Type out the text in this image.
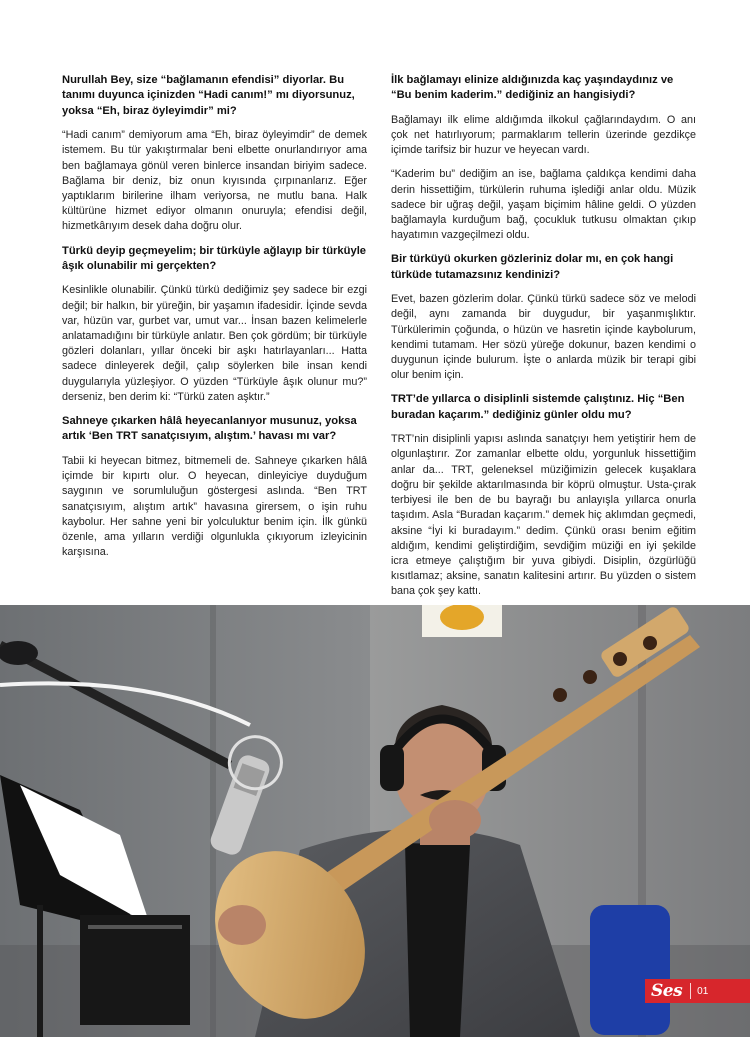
Nurullah Bey, size “bağlamanın efendisi” diyorlar. Bu tanımı duyunca içinizden “Hadi canım!” mı diyorsunuz, yoksa “Eh, biraz öyleyimdir” mi?
“Hadi canım” demiyorum ama “Eh, biraz öyleyimdir” de demek istemem. Bu tür yakıştırmalar beni elbette onurlandırıyor ama ben bağlamaya gönül veren binlerce insandan biriyim sadece. Bağlama bir deniz, biz onun kıyısında çırpınanlarız. Eğer yaptıklarım birilerine ilham veriyorsa, ne mutlu bana. Halk kültürüne hizmet ediyor olmanın onuruyla; efendisi değil, hizmetkârıyım desek daha doğru olur.
Türkü deyip geçmeyelim; bir türküyle ağlayıp bir türküyle âşık olunabilir mi gerçekten?
Kesinlikle olunabilir. Çünkü türkü dediğimiz şey sadece bir ezgi değil; bir halkın, bir yüreğin, bir yaşamın ifadesidir. İçinde sevda var, hüzün var, gurbet var, umut var... İnsan bazen kelimelerle anlatamadığını bir türküyle anlatır. Ben çok gördüm; bir türküyle gözleri dolanları, yıllar önceki bir aşkı hatırlayanları... Hatta sadece dinleyerek değil, çalıp söylerken bile insan kendi duygularıyla yüzleşiyor. O yüzden “Türküyle âşık olunur mu?” derseniz, ben derim ki: “Türkü zaten aşktır.”
Sahneye çıkarken hâlâ heyecanlanıyor musunuz, yoksa artık ‘Ben TRT sanatçısıyım, alıştım.’ havası mı var?
Tabii ki heyecan bitmez, bitmemeli de. Sahneye çıkarken hâlâ içimde bir kıpırtı olur. O heyecan, dinleyiciye duyduğum saygının ve sorumluluğun göstergesi aslında. “Ben TRT sanatçısıyım, alıştım artık” havasına girersem, o işin ruhu kaybolur. Her sahne yeni bir yolculuktur benim için. İlk günkü özenle, ama yılların verdiği olgunlukla çıkıyorum izleyicinin karşısına.
İlk bağlamayı elinize aldığınızda kaç yaşındaydınız ve “Bu benim kaderim.” dediğiniz an hangisiydi?
Bağlamayı ilk elime aldığımda ilkokul çağlarındaydım. O anı çok net hatırlıyorum; parmaklarım tellerin üzerinde gezdikçe içimde tarifsiz bir huzur ve heyecan vardı.
“Kaderim bu” dediğim an ise, bağlama çaldıkça kendimi daha derin hissettiğim, türkülerin ruhuma işlediği anlar oldu. Müzik sadece bir uğraş değil, yaşam biçimim hâline geldi. O yüzden bağlamayla kurduğum bağ, çocukluk tutkusu olmaktan çıkıp hayatımın vazgeçilmezi oldu.
Bir türküyü okurken gözleriniz dolar mı, en çok hangi türküde tutamazsınız kendinizi?
Evet, bazen gözlerim dolar. Çünkü türkü sadece söz ve melodi değil, aynı zamanda bir duygudur, bir yaşanmışlıktır. Türkülerimin çoğunda, o hüzün ve hasretin içinde kaybolurum, kendimi tutamam. Her sözü yüreğe dokunur, bazen kendimi o duygunun içinde bulurum. İşte o anlarda müzik bir terapi gibi olur benim için.
TRT’de yıllarca o disiplinli sistemde çalıştınız. Hiç “Ben buradan kaçarım.” dediğiniz günler oldu mu?
TRT’nin disiplinli yapısı aslında sanatçıyı hem yetiştirir hem de olgunlaştırır. Zor zamanlar elbette oldu, yorgunluk hissettiğim anlar da... TRT, geleneksel müziğimizin gelecek kuşaklara doğru bir şekilde aktarılmasında bir köprü olmuştur. Usta-çırak terbiyesi ile ben de bu bayrağı bu anlayışla yıllarca onurla taşıdım. Asla “Buradan kaçarım.” demek hiç aklımdan geçmedi, aksine “İyi ki buradayım.” dedim. Çünkü orası benim eğitim aldığım, kendimi geliştirdiğim, sevdiğim müziği en iyi şekilde icra etmeye çalıştığım bir yuva gibiydi. Disiplin, özgürlüğü kısıtlamaz; aksine, sanatın kalitesini artırır. Bu yüzden o sistem bana çok şey kattı.
Ses 01
